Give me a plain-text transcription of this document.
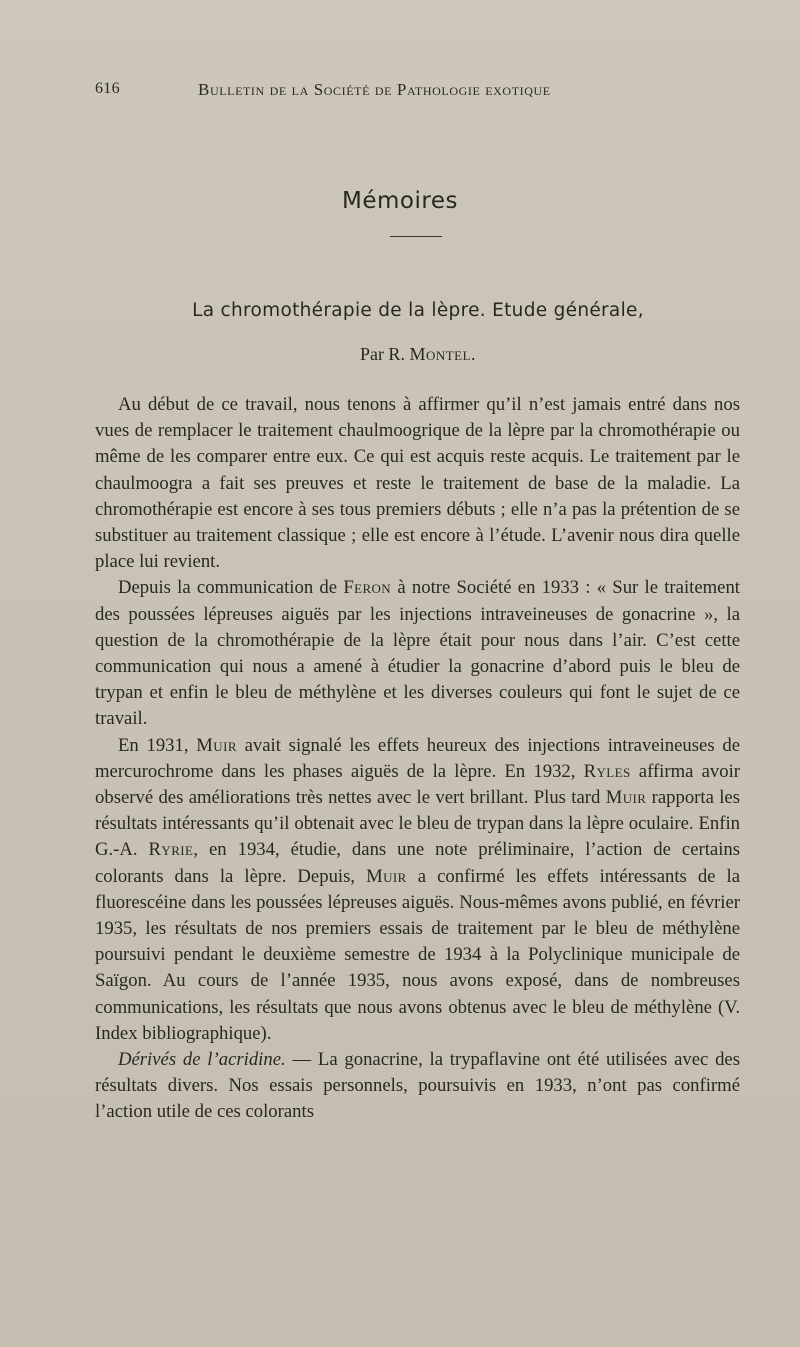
616	Bulletin de la Société de Pathologie exotique
Mémoires
La chromothérapie de la lèpre. Etude générale,
Par R. Montel.

Au début de ce travail, nous tenons à affirmer qu’il n’est jamais entré dans nos vues de remplacer le traitement chaulmoogrique de la lèpre par la chromothérapie ou même de les comparer entre eux. Ce qui est acquis reste acquis. Le traitement par le chaulmoogra a fait ses preuves et reste le traitement de base de la maladie. La chromothérapie est encore à ses tous premiers débuts ; elle n’a pas la prétention de se substituer au traitement classique ; elle est encore à l’étude. L’avenir nous dira quelle place lui revient.

Depuis la communication de Feron à notre Société en 1933 : « Sur le traitement des poussées lépreuses aiguës par les injections intraveineuses de gonacrine », la question de la chromothérapie de la lèpre était pour nous dans l’air. C’est cette communication qui nous a amené à étudier la gonacrine d’abord puis le bleu de trypan et enfin le bleu de méthylène et les diverses couleurs qui font le sujet de ce travail.

En 1931, Muir avait signalé les effets heureux des injections intraveineuses de mercurochrome dans les phases aiguës de la lèpre. En 1932, Ryles affirma avoir observé des améliorations très nettes avec le vert brillant. Plus tard Muir rapporta les résultats intéressants qu’il obtenait avec le bleu de trypan dans la lèpre oculaire. Enfin G.-A. Ryrie, en 1934, étudie, dans une note préliminaire, l’action de certains colorants dans la lèpre. Depuis, Muir a confirmé les effets intéressants de la fluorescéine dans les poussées lépreuses aiguës. Nous-mêmes avons publié, en février 1935, les résultats de nos premiers essais de traitement par le bleu de méthylène poursuivi pendant le deuxième semestre de 1934 à la Polyclinique municipale de Saïgon. Au cours de l’année 1935, nous avons exposé, dans de nombreuses communications, les résultats que nous avons obtenus avec le bleu de méthylène (V. Index bibliographique).

Dérivés de l’acridine. — La gonacrine, la trypaflavine ont été utilisées avec des résultats divers. Nos essais personnels, poursuivis en 1933, n’ont pas confirmé l’action utile de ces colorants
